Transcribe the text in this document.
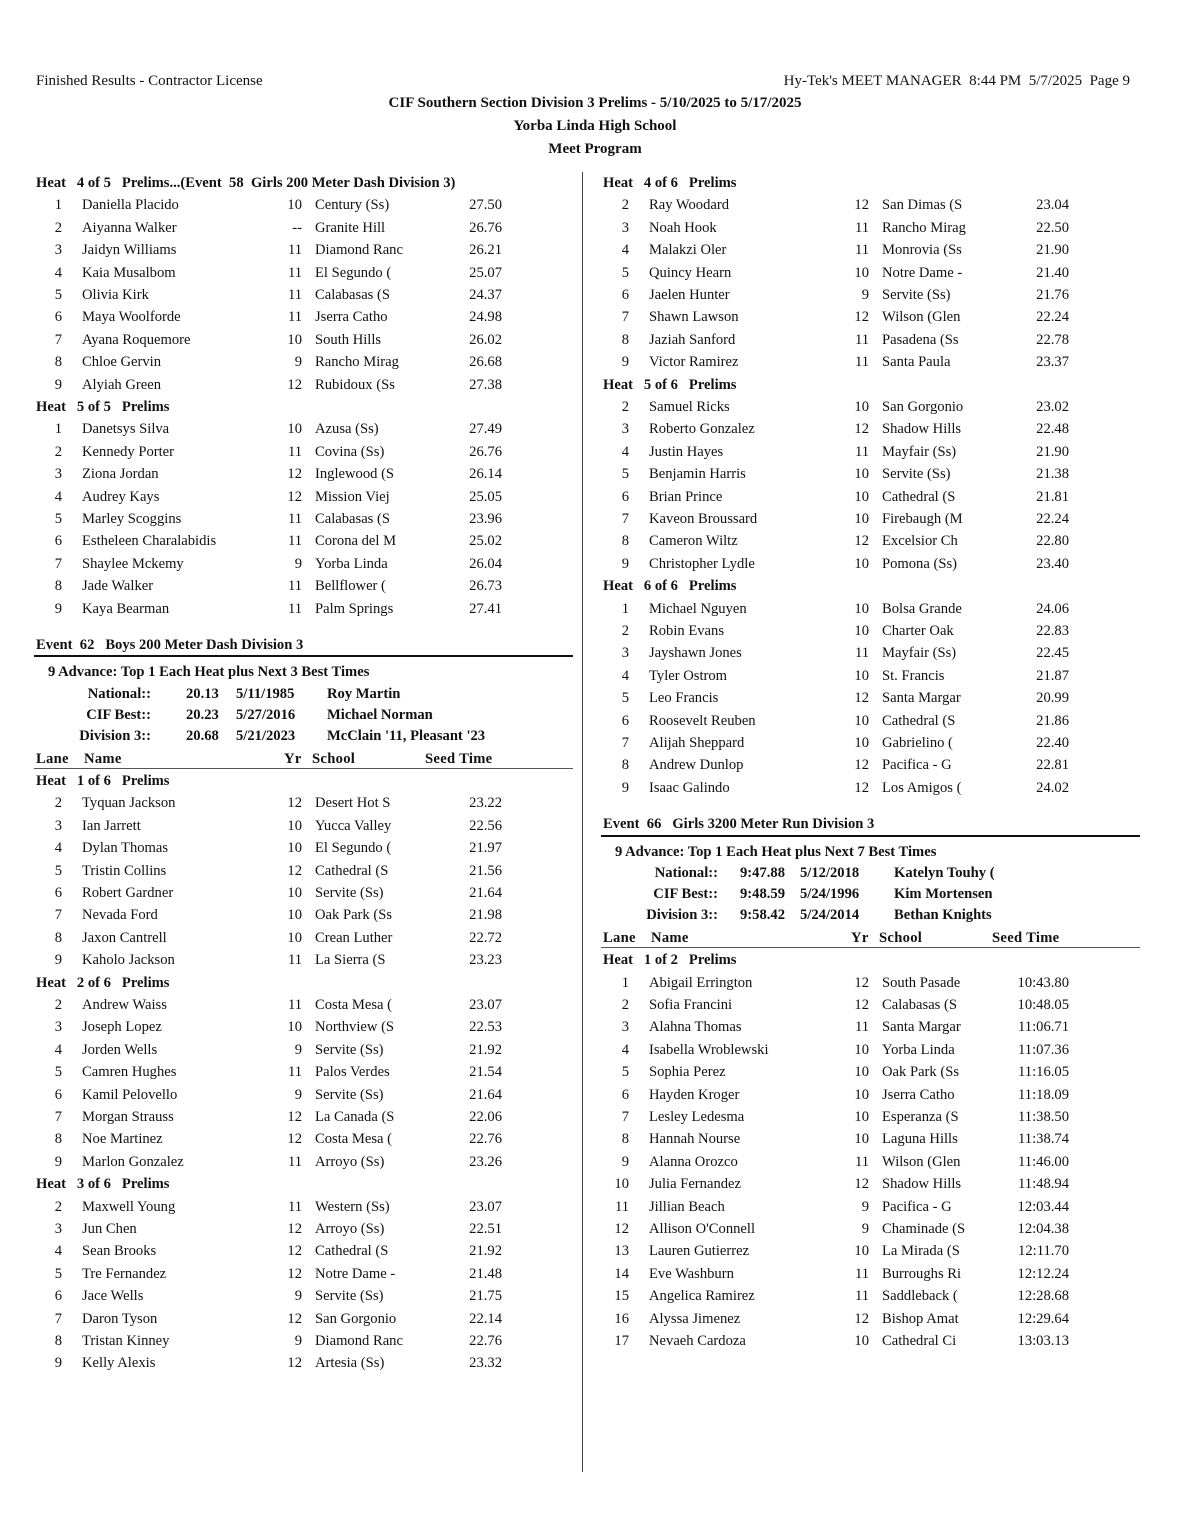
Finished Results - Contractor License	Hy-Tek's MEET MANAGER  8:44 PM  5/7/2025  Page 9
CIF Southern Section Division 3 Prelims - 5/10/2025 to 5/17/2025
Yorba Linda High School
Meet Program
Heat   4 of 5   Prelims...(Event  58  Girls 200 Meter Dash Division 3)
1 Daniella Placido	10 Century (Ss)	27.50
2 Aiyanna Walker	-- Granite Hill	26.76
3 Jaidyn Williams	11 Diamond Ranc	26.21
4 Kaia Musalbom	11 El Segundo (	25.07
5 Olivia Kirk	11 Calabasas (S	24.37
6 Maya Woolforde	11 Jserra Catho	24.98
7 Ayana Roquemore	10 South Hills	26.02
8 Chloe Gervin	9 Rancho Mirag	26.68
9 Alyiah Green	12 Rubidoux (Ss	27.38
Heat   5 of 5   Prelims
1 Danetsys Silva	10 Azusa (Ss)	27.49
2 Kennedy Porter	11 Covina (Ss)	26.76
3 Ziona Jordan	12 Inglewood (S	26.14
4 Audrey Kays	12 Mission Viej	25.05
5 Marley Scoggins	11 Calabasas (S	23.96
6 Estheleen Charalabidis	11 Corona del M	25.02
7 Shaylee Mckemy	9 Yorba Linda	26.04
8 Jade Walker	11 Bellflower (	26.73
9 Kaya Bearman	11 Palm Springs	27.41
Event  62   Boys 200 Meter Dash Division 3
9 Advance: Top 1 Each Heat plus Next 3 Best Times
National:: 20.13 5/11/1985 Roy Martin
CIF Best:: 20.23 5/27/2016 Michael Norman
Division 3:: 20.68 5/21/2023 McClain '11, Pleasant '23
Lane Name	Yr School	Seed Time
Heat   1 of 6   Prelims
2 Tyquan Jackson	12 Desert Hot S	23.22
3 Ian Jarrett	10 Yucca Valley	22.56
4 Dylan Thomas	10 El Segundo (	21.97
5 Tristin Collins	12 Cathedral (S	21.56
6 Robert Gardner	10 Servite (Ss)	21.64
7 Nevada Ford	10 Oak Park (Ss	21.98
8 Jaxon Cantrell	10 Crean Luther	22.72
9 Kaholo Jackson	11 La Sierra (S	23.23
Heat   2 of 6   Prelims
2 Andrew Waiss	11 Costa Mesa (	23.07
3 Joseph Lopez	10 Northview (S	22.53
4 Jorden Wells	9 Servite (Ss)	21.92
5 Camren Hughes	11 Palos Verdes	21.54
6 Kamil Pelovello	9 Servite (Ss)	21.64
7 Morgan Strauss	12 La Canada (S	22.06
8 Noe Martinez	12 Costa Mesa (	22.76
9 Marlon Gonzalez	11 Arroyo (Ss)	23.26
Heat   3 of 6   Prelims
2 Maxwell Young	11 Western (Ss)	23.07
3 Jun Chen	12 Arroyo (Ss)	22.51
4 Sean Brooks	12 Cathedral (S	21.92
5 Tre Fernandez	12 Notre Dame -	21.48
6 Jace Wells	9 Servite (Ss)	21.75
7 Daron Tyson	12 San Gorgonio	22.14
8 Tristan Kinney	9 Diamond Ranc	22.76
9 Kelly Alexis	12 Artesia (Ss)	23.32
Heat   4 of 6   Prelims
2 Ray Woodard	12 San Dimas (S	23.04
3 Noah Hook	11 Rancho Mirag	22.50
4 Malakzi Oler	11 Monrovia (Ss	21.90
5 Quincy Hearn	10 Notre Dame -	21.40
6 Jaelen Hunter	9 Servite (Ss)	21.76
7 Shawn Lawson	12 Wilson (Glen	22.24
8 Jaziah Sanford	11 Pasadena (Ss	22.78
9 Victor Ramirez	11 Santa Paula	23.37
Heat   5 of 6   Prelims
2 Samuel Ricks	10 San Gorgonio	23.02
3 Roberto Gonzalez	12 Shadow Hills	22.48
4 Justin Hayes	11 Mayfair (Ss)	21.90
5 Benjamin Harris	10 Servite (Ss)	21.38
6 Brian Prince	10 Cathedral (S	21.81
7 Kaveon Broussard	10 Firebaugh (M	22.24
8 Cameron Wiltz	12 Excelsior Ch	22.80
9 Christopher Lydle	10 Pomona (Ss)	23.40
Heat   6 of 6   Prelims
1 Michael Nguyen	10 Bolsa Grande	24.06
2 Robin Evans	10 Charter Oak	22.83
3 Jayshawn Jones	11 Mayfair (Ss)	22.45
4 Tyler Ostrom	10 St. Francis	21.87
5 Leo Francis	12 Santa Margar	20.99
6 Roosevelt Reuben	10 Cathedral (S	21.86
7 Alijah Sheppard	10 Gabrielino (	22.40
8 Andrew Dunlop	12 Pacifica - G	22.81
9 Isaac Galindo	12 Los Amigos (	24.02
Event  66   Girls 3200 Meter Run Division 3
9 Advance: Top 1 Each Heat plus Next 7 Best Times
National:: 9:47.88 5/12/2018 Katelyn Touhy (
CIF Best:: 9:48.59 5/24/1996 Kim Mortensen
Division 3:: 9:58.42 5/24/2014 Bethan Knights
Lane Name	Yr School	Seed Time
Heat   1 of 2   Prelims
1 Abigail Errington	12 South Pasade	10:43.80
2 Sofia Francini	12 Calabasas (S	10:48.05
3 Alahna Thomas	11 Santa Margar	11:06.71
4 Isabella Wroblewski	10 Yorba Linda	11:07.36
5 Sophia Perez	10 Oak Park (Ss	11:16.05
6 Hayden Kroger	10 Jserra Catho	11:18.09
7 Lesley Ledesma	10 Esperanza (S	11:38.50
8 Hannah Nourse	10 Laguna Hills	11:38.74
9 Alanna Orozco	11 Wilson (Glen	11:46.00
10 Julia Fernandez	12 Shadow Hills	11:48.94
11 Jillian Beach	9 Pacifica - G	12:03.44
12 Allison O'Connell	9 Chaminade (S	12:04.38
13 Lauren Gutierrez	10 La Mirada (S	12:11.70
14 Eve Washburn	11 Burroughs Ri	12:12.24
15 Angelica Ramirez	11 Saddleback (	12:28.68
16 Alyssa Jimenez	12 Bishop Amat	12:29.64
17 Nevaeh Cardoza	10 Cathedral Ci	13:03.13
